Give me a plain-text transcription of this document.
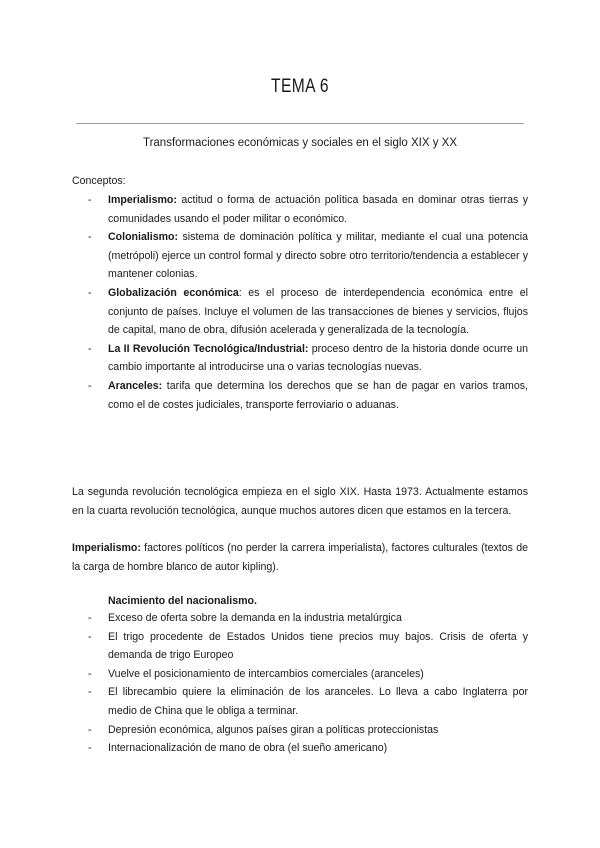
TEMA 6
Transformaciones económicas y sociales en el siglo XIX y XX
Conceptos:
- Imperialismo: actitud o forma de actuación política basada en dominar otras tierras y comunidades usando el poder militar o económico.
- Colonialismo: sistema de dominación política y militar, mediante el cual una potencia (metrópoli) ejerce un control formal y directo sobre otro territorio/tendencia a establecer y mantener colonias.
- Globalización económica: es el proceso de interdependencia económica entre el conjunto de países. Incluye el volumen de las transacciones de bienes y servicios, flujos de capital, mano de obra, difusión acelerada y generalizada de la tecnología.
- La II Revolución Tecnológica/Industrial: proceso dentro de la historia donde ocurre un cambio importante al introducirse una o varias tecnologías nuevas.
- Aranceles: tarifa que determina los derechos que se han de pagar en varios tramos, como el de costes judiciales, transporte ferroviario o aduanas.
La segunda revolución tecnológica empieza en el siglo XIX. Hasta 1973. Actualmente estamos en la cuarta revolución tecnológica, aunque muchos autores dicen que estamos en la tercera.
Imperialismo: factores políticos (no perder la carrera imperialista), factores culturales (textos de la carga de hombre blanco de autor kipling).
Nacimiento del nacionalismo.
- Exceso de oferta sobre la demanda en la industria metalúrgica
- El trigo procedente de Estados Unidos tiene precios muy bajos. Crisis de oferta y demanda de trigo Europeo
- Vuelve el posicionamiento de intercambios comerciales (aranceles)
- El librecambio quiere la eliminación de los aranceles. Lo lleva a cabo Inglaterra por medio de China que le obliga a terminar.
- Depresión económica, algunos países giran a políticas proteccionistas
- Internacionalización de mano de obra (el sueño americano)
